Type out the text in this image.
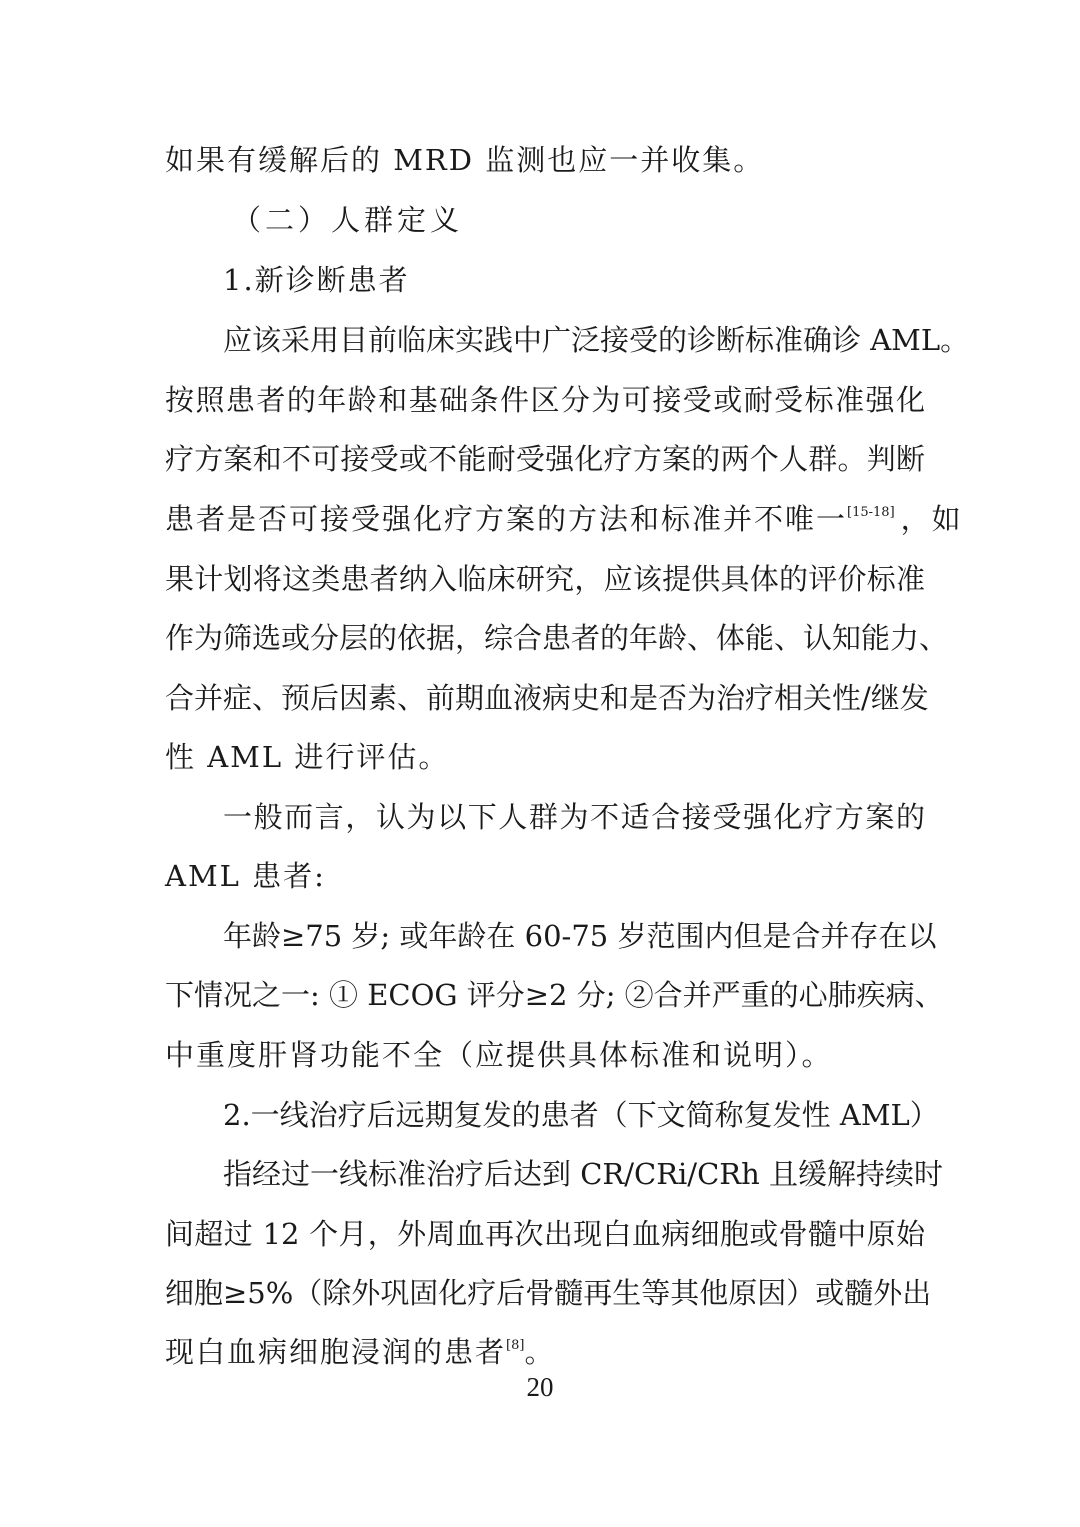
如果有缓解后的 MRD 监测也应一并收集。
（二）人群定义
1.新诊断患者
应该采用目前临床实践中广泛接受的诊断标准确诊 AML。
按照患者的年龄和基础条件区分为可接受或耐受标准强化
疗方案和不可接受或不能耐受强化疗方案的两个人群。判断
患者是否可接受强化疗方案的方法和标准并不唯一[15-18] ，如
果计划将这类患者纳入临床研究，应该提供具体的评价标准
作为筛选或分层的依据，综合患者的年龄、体能、认知能力、
合并症、预后因素、前期血液病史和是否为治疗相关性/继发
性 AML 进行评估。
一般而言，认为以下人群为不适合接受强化疗方案的
AML 患者:
年龄≥75 岁; 或年龄在 60-75 岁范围内但是合并存在以
下情况之一: ① ECOG 评分≥2 分; ②合并严重的心肺疾病、
中重度肝肾功能不全（应提供具体标准和说明）。
2.一线治疗后远期复发的患者（下文简称复发性 AML）
指经过一线标准治疗后达到 CR/CRi/CRh 且缓解持续时
间超过 12 个月，外周血再次出现白血病细胞或骨髓中原始
细胞≥5%（除外巩固化疗后骨髓再生等其他原因）或髓外出
现白血病细胞浸润的患者[8]。
20
